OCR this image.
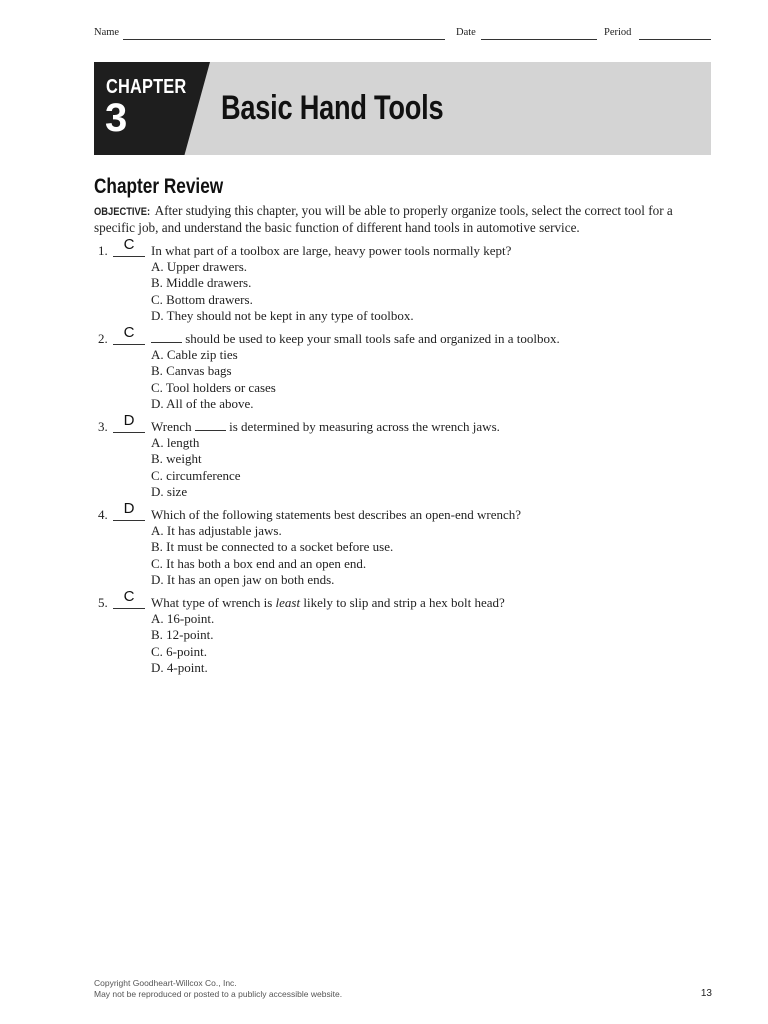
Name	Date	Period
CHAPTER
3	Basic Hand Tools
Chapter Review
OBJECTIVE: After studying this chapter, you will be able to properly organize tools, select the correct tool for a specific job, and understand the basic function of different hand tools in automotive service.
1.	C	In what part of a toolbox are large, heavy power tools normally kept?
A. Upper drawers.
B. Middle drawers.
C. Bottom drawers.
D. They should not be kept in any type of toolbox.
2.	C	should be used to keep your small tools safe and organized in a toolbox.
A. Cable zip ties
B. Canvas bags
C. Tool holders or cases
D. All of the above.
3.	D	Wrench	is determined by measuring across the wrench jaws.
A. length
B. weight
C. circumference
D. size
4.	D	Which of the following statements best describes an open-end wrench?
A. It has adjustable jaws.
B. It must be connected to a socket before use.
C. It has both a box end and an open end.
D. It has an open jaw on both ends.
5.	C	What type of wrench is least likely to slip and strip a hex bolt head?
A. 16-point.
B. 12-point.
C. 6-point.
D. 4-point.
Copyright Goodheart-Willcox Co., Inc.
May not be reproduced or posted to a publicly accessible website.	13
